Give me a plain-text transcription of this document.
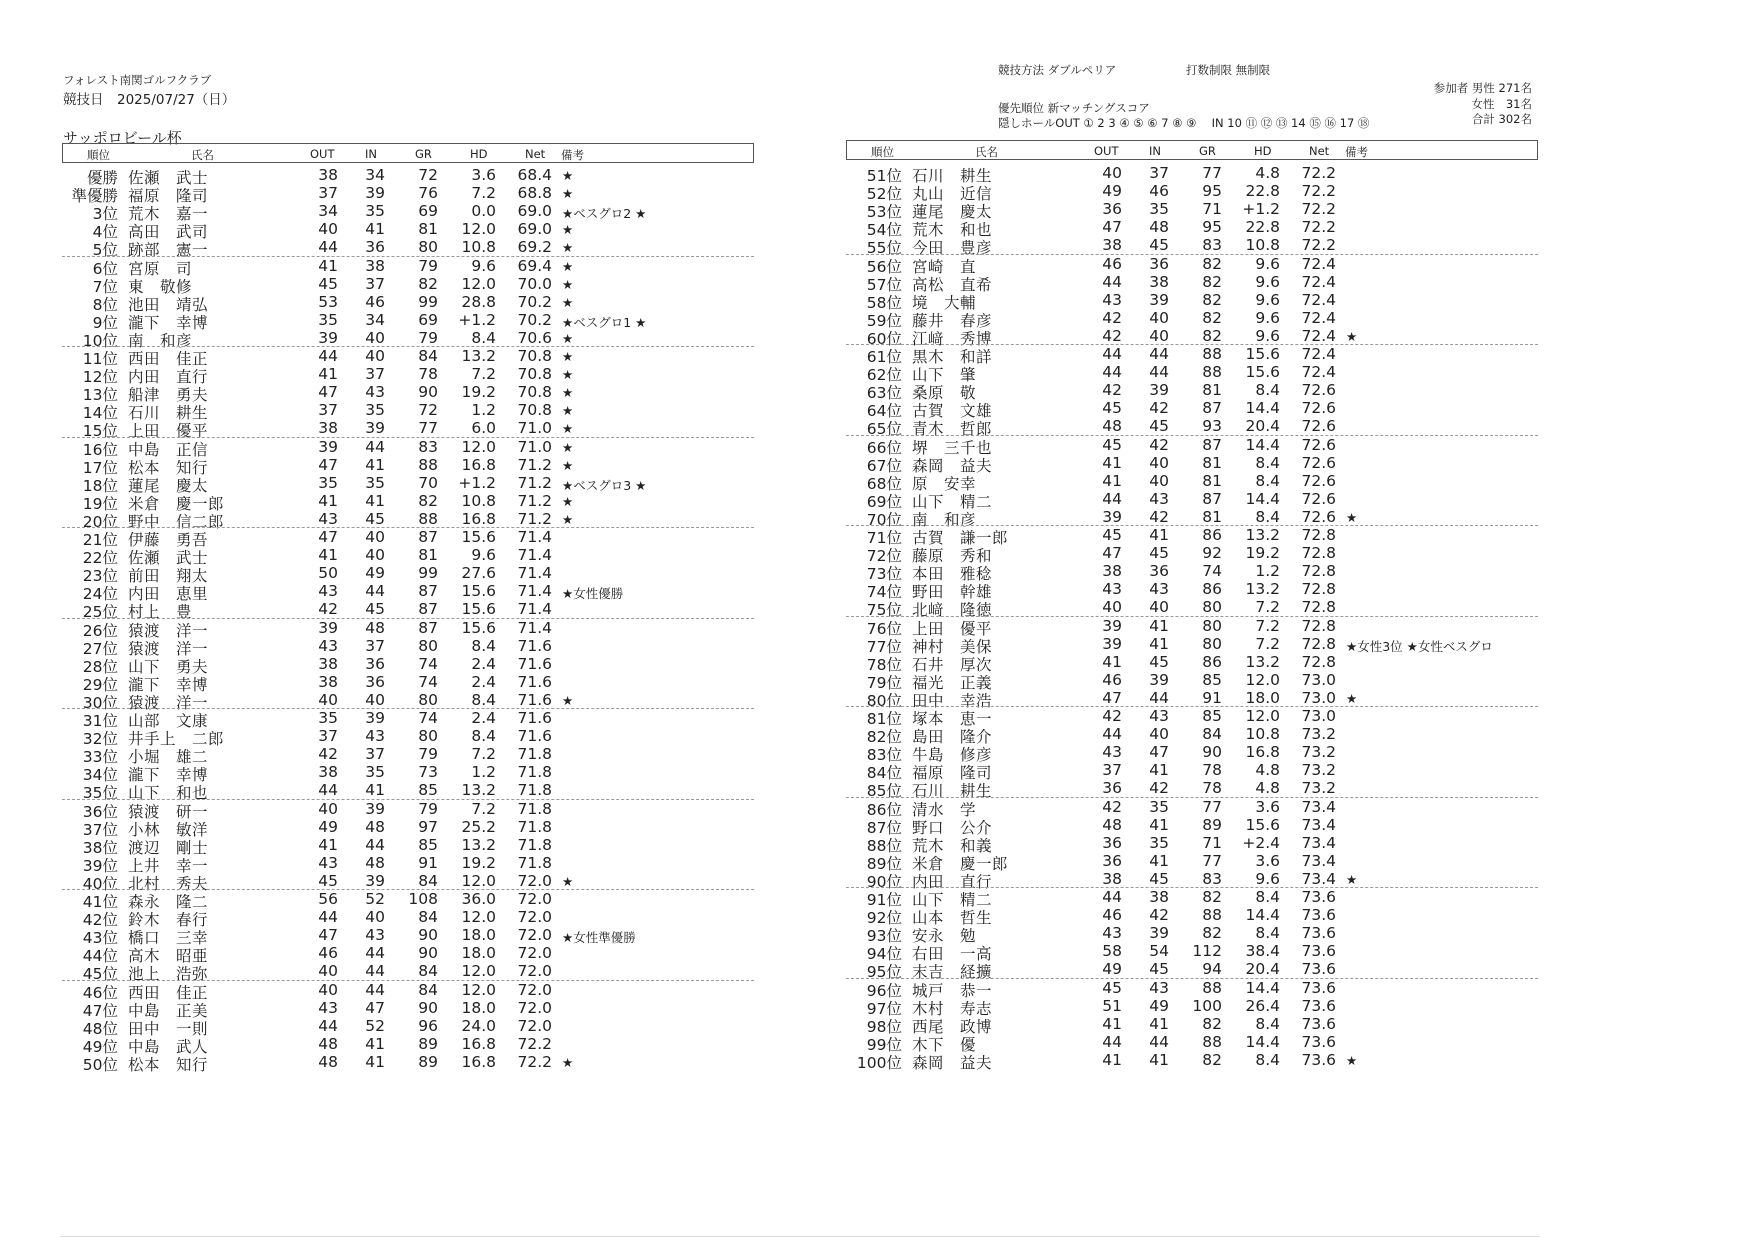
フォレスト南関ゴルフクラブ
競技日　2025/07/27（日）
サッポロビール杯
競技方法 ダブルペリア	打数制限 無制限
優先順位 新マッチングスコア
隠しホールOUT ① 2 3 ④ ⑤ ⑥ 7 ⑧ ⑨　 IN 10 ⑪ ⑫ ⑬ 14 ⑮ ⑯ 17 ⑱
参加者 男性 271名
女性　31名
合計 302名
順位	氏名	OUT	IN	GR	HD	Net 備考	順位	氏名	OUT	IN	GR	HD	Net 備考
優勝 佐瀬　武士	38	34	72	3.6	68.4 ★
準優勝 福原　隆司	37	39	76	7.2	68.8 ★
3位 荒木　嘉一	34	35	69	0.0	69.0 ★ベスグロ2 ★
4位 高田　武司	40	41	81	12.0	69.0 ★
5位 跡部　憲一	44	36	80	10.8	69.2 ★
6位 宮原　司	41	38	79	9.6	69.4 ★
7位 東　敬修	45	37	82	12.0	70.0 ★
8位 池田　靖弘	53	46	99	28.8	70.2 ★
9位 瀧下　幸博	35	34	69	+1.2	70.2 ★ベスグロ1 ★
10位 南　和彦	39	40	79	8.4	70.6 ★
11位 西田　佳正	44	40	84	13.2	70.8 ★
12位 内田　直行	41	37	78	7.2	70.8 ★
13位 船津　勇夫	47	43	90	19.2	70.8 ★
14位 石川　耕生	37	35	72	1.2	70.8 ★
15位 上田　優平	38	39	77	6.0	71.0 ★
16位 中島　正信	39	44	83	12.0	71.0 ★
17位 松本　知行	47	41	88	16.8	71.2 ★
18位 蓮尾　慶太	35	35	70	+1.2	71.2 ★ベスグロ3 ★
19位 米倉　慶一郎	41	41	82	10.8	71.2 ★
20位 野中　信二郎	43	45	88	16.8	71.2 ★
21位 伊藤　勇吾	47	40	87	15.6	71.4
22位 佐瀬　武士	41	40	81	9.6	71.4
23位 前田　翔太	50	49	99	27.6	71.4
24位 内田　恵里	43	44	87	15.6	71.4 ★女性優勝
25位 村上　豊	42	45	87	15.6	71.4
26位 猿渡　洋一	39	48	87	15.6	71.4
27位 猿渡　洋一	43	37	80	8.4	71.6
28位 山下　勇夫	38	36	74	2.4	71.6
29位 瀧下　幸博	38	36	74	2.4	71.6
30位 猿渡　洋一	40	40	80	8.4	71.6 ★
31位 山部　文康	35	39	74	2.4	71.6
32位 井手上　二郎	37	43	80	8.4	71.6
33位 小堀　雄二	42	37	79	7.2	71.8
34位 瀧下　幸博	38	35	73	1.2	71.8
35位 山下　和也	44	41	85	13.2	71.8
36位 猿渡　研一	40	39	79	7.2	71.8
37位 小林　敏洋	49	48	97	25.2	71.8
38位 渡辺　剛士	41	44	85	13.2	71.8
39位 上井　幸一	43	48	91	19.2	71.8
40位 北村　秀夫	45	39	84	12.0	72.0 ★
41位 森永　隆二	56	52	108	36.0	72.0
42位 鈴木　春行	44	40	84	12.0	72.0
43位 橋口　三幸	47	43	90	18.0	72.0 ★女性準優勝
44位 高木　昭亜	46	44	90	18.0	72.0
45位 池上　浩弥	40	44	84	12.0	72.0
46位 西田　佳正	40	44	84	12.0	72.0
47位 中島　正美	43	47	90	18.0	72.0
48位 田中　一則	44	52	96	24.0	72.0
49位 中島　武人	48	41	89	16.8	72.2
50位 松本　知行	48	41	89	16.8	72.2 ★
51位 石川　耕生	40	37	77	4.8	72.2
52位 丸山　近信	49	46	95	22.8	72.2
53位 蓮尾　慶太	36	35	71	+1.2	72.2
54位 荒木　和也	47	48	95	22.8	72.2
55位 今田　豊彦	38	45	83	10.8	72.2
56位 宮崎　直	46	36	82	9.6	72.4
57位 高松　直希	44	38	82	9.6	72.4
58位 境　大輔	43	39	82	9.6	72.4
59位 藤井　春彦	42	40	82	9.6	72.4
60位 江﨑　秀博	42	40	82	9.6	72.4 ★
61位 黒木　和詳	44	44	88	15.6	72.4
62位 山下　肇	44	44	88	15.6	72.4
63位 桑原　敬	42	39	81	8.4	72.6
64位 古賀　文雄	45	42	87	14.4	72.6
65位 青木　哲郎	48	45	93	20.4	72.6
66位 堺　三千也	45	42	87	14.4	72.6
67位 森岡　益夫	41	40	81	8.4	72.6
68位 原　安幸	41	40	81	8.4	72.6
69位 山下　精二	44	43	87	14.4	72.6
70位 南　和彦	39	42	81	8.4	72.6 ★
71位 古賀　謙一郎	45	41	86	13.2	72.8
72位 藤原　秀和	47	45	92	19.2	72.8
73位 本田　雅稔	38	36	74	1.2	72.8
74位 野田　幹雄	43	43	86	13.2	72.8
75位 北﨑　隆徳	40	40	80	7.2	72.8
76位 上田　優平	39	41	80	7.2	72.8
77位 神村　美保	39	41	80	7.2	72.8 ★女性3位 ★女性ベスグロ
78位 石井　厚次	41	45	86	13.2	72.8
79位 福光　正義	46	39	85	12.0	73.0
80位 田中　幸浩	47	44	91	18.0	73.0 ★
81位 塚本　恵一	42	43	85	12.0	73.0
82位 島田　隆介	44	40	84	10.8	73.2
83位 牛島　修彦	43	47	90	16.8	73.2
84位 福原　隆司	37	41	78	4.8	73.2
85位 石川　耕生	36	42	78	4.8	73.2
86位 清水　学	42	35	77	3.6	73.4
87位 野口　公介	48	41	89	15.6	73.4
88位 荒木　和義	36	35	71	+2.4	73.4
89位 米倉　慶一郎	36	41	77	3.6	73.4
90位 内田　直行	38	45	83	9.6	73.4 ★
91位 山下　精二	44	38	82	8.4	73.6
92位 山本　哲生	46	42	88	14.4	73.6
93位 安永　勉	43	39	82	8.4	73.6
94位 右田　一高	58	54	112	38.4	73.6
95位 末吉　経擴	49	45	94	20.4	73.6
96位 城戸　恭一	45	43	88	14.4	73.6
97位 木村　寿志	51	49	100	26.4	73.6
98位 西尾　政博	41	41	82	8.4	73.6
99位 木下　優	44	44	88	14.4	73.6
100位 森岡　益夫	41	41	82	8.4	73.6 ★
